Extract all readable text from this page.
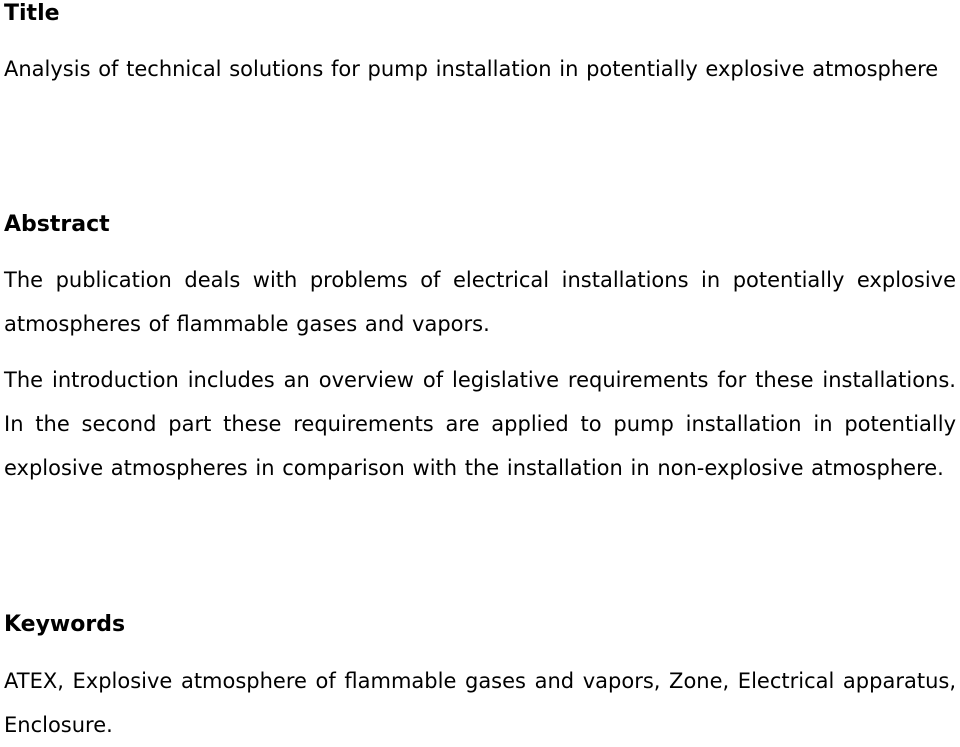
Title

Analysis of technical solutions for pump installation in potentially explosive atmosphere

Abstract

The publication deals with problems of electrical installations in potentially explosive atmospheres of flammable gases and vapors.

The introduction includes an overview of legislative requirements for these installations. In the second part these requirements are applied to pump installation in potentially explosive atmospheres in comparison with the installation in non-explosive atmosphere.

Keywords

ATEX, Explosive atmosphere of flammable gases and vapors, Zone, Electrical apparatus, Enclosure.
